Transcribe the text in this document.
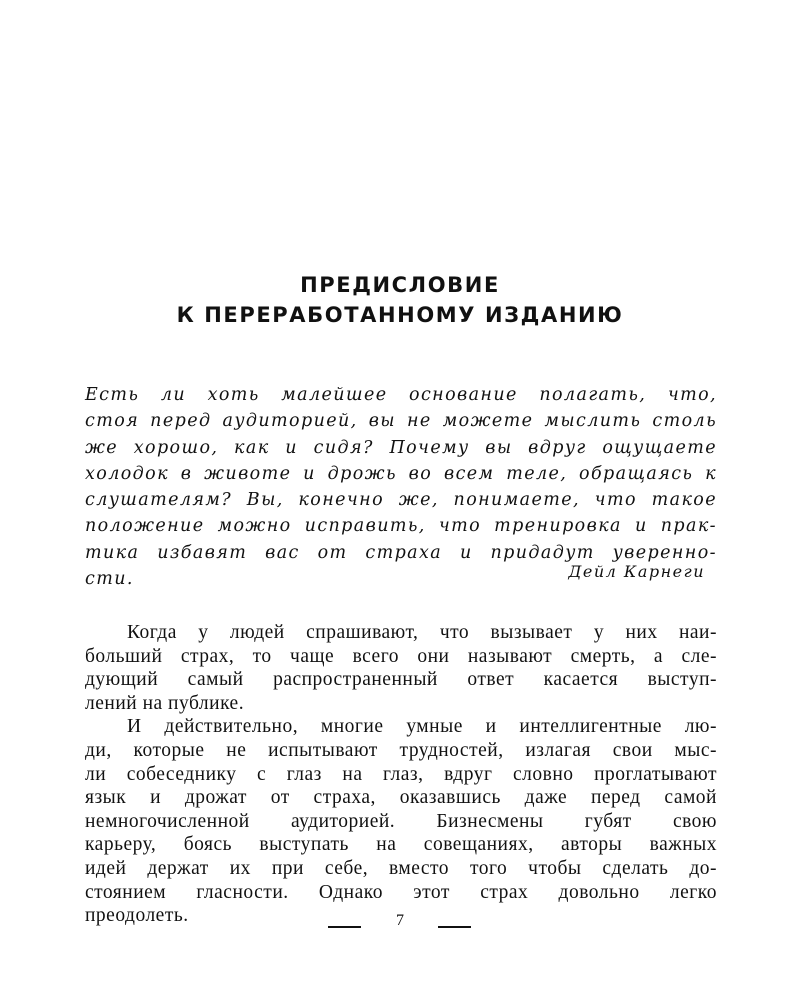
ПРЕДИСЛОВИЕ
К ПЕРЕРАБОТАННОМУ ИЗДАНИЮ
Есть ли хоть малейшее основание полагать, что,
стоя перед аудиторией, вы не можете мыслить столь
же хорошо, как и сидя? Почему вы вдруг ощущаете
холодок в животе и дрожь во всем теле, обращаясь к
слушателям? Вы, конечно же, понимаете, что такое
положение можно исправить, что тренировка и прак-
тика избавят вас от страха и придадут уверенно-
сти.	Дейл Карнеги

Когда у людей спрашивают, что вызывает у них наи-
больший страх, то чаще всего они называют смерть, а сле-
дующий самый распространенный ответ касается выступ-
лений на публике.
И действительно, многие умные и интеллигентные лю-
ди, которые не испытывают трудностей, излагая свои мыс-
ли собеседнику с глаз на глаз, вдруг словно проглатывают
язык и дрожат от страха, оказавшись даже перед самой
немногочисленной аудиторией. Бизнесмены губят свою
карьеру, боясь выступать на совещаниях, авторы важных
идей держат их при себе, вместо того чтобы сделать до-
стоянием гласности. Однако этот страх довольно легко
преодолеть.	7
